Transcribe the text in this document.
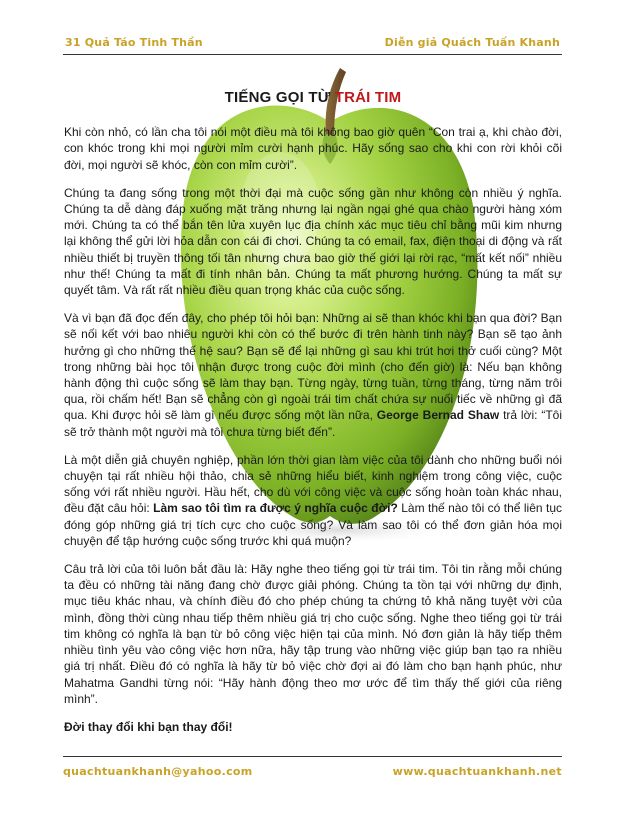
31 Quả Táo Tinh Thần	Diễn giả Quách Tuấn Khanh
TIẾNG GỌI TỪ TRÁI TIM

Khi còn nhỏ, có lần cha tôi nói một điều mà tôi không bao giờ quên “Con trai ạ, khi chào đời, con khóc trong khi mọi người mỉm cười hạnh phúc. Hãy sống sao cho khi con rời khỏi cõi đời, mọi người sẽ khóc, còn con mỉm cười”.

Chúng ta đang sống trong một thời đại mà cuộc sống gần như không còn nhiều ý nghĩa. Chúng ta dễ dàng đáp xuống mặt trăng nhưng lại ngần ngại ghé qua chào người hàng xóm mới. Chúng ta có thể bắn tên lửa xuyên lục địa chính xác mục tiêu chỉ bằng mũi kim nhưng lại không thể gửi lời hỏa dẫn con cái đi chơi. Chúng ta có email, fax, điện thoại di động và rất nhiều thiết bị truyền thông tối tân nhưng chưa bao giờ thế giới lại rời rạc, “mất kết nối” nhiều như thế! Chúng ta mất đi tính nhân bản. Chúng ta mất phương hướng. Chúng ta mất sự quyết tâm. Và rất rất nhiều điều quan trọng khác của cuộc sống.

Và vì bạn đã đọc đến đây, cho phép tôi hỏi bạn: Những ai sẽ than khóc khi bạn qua đời? Bạn sẽ nối kết với bao nhiêu người khi còn có thể bước đi trên hành tinh này? Bạn sẽ tạo ảnh hưởng gì cho những thế hệ sau? Bạn sẽ để lại những gì sau khi trút hơi thở cuối cùng? Một trong những bài học tôi nhận được trong cuộc đời mình (cho đến giờ) là: Nếu bạn không hành động thì cuộc sống sẽ làm thay bạn. Từng ngày, từng tuần, từng tháng, từng năm trôi qua, rồi chấm hết! Bạn sẽ chẳng còn gì ngoài trái tim chất chứa sự nuối tiếc về những gì đã qua. Khi được hỏi sẽ làm gì nếu được sống một lần nữa, George Bernad Shaw trả lời: “Tôi sẽ trở thành một người mà tôi chưa từng biết đến”.

Là một diễn giả chuyên nghiệp, phần lớn thời gian làm việc của tôi dành cho những buổi nói chuyện tại rất nhiều hội thảo, chia sẻ những hiểu biết, kinh nghiệm trong công việc, cuộc sống với rất nhiều người. Hầu hết, cho dù với công việc và cuộc sống hoàn toàn khác nhau, đều đặt câu hỏi: Làm sao tôi tìm ra được ý nghĩa cuộc đời? Làm thế nào tôi có thể liên tục đóng góp những giá trị tích cực cho cuộc sống? Và làm sao tôi có thể đơn giản hóa mọi chuyện để tập hướng cuộc sống trước khi quá muộn?

Câu trả lời của tôi luôn bắt đầu là: Hãy nghe theo tiếng gọi từ trái tim. Tôi tin rằng mỗi chúng ta đều có những tài năng đang chờ được giải phóng. Chúng ta tồn tại với những dự định, mục tiêu khác nhau, và chính điều đó cho phép chúng ta chứng tỏ khả năng tuyệt vời của mình, đồng thời cùng nhau tiếp thêm nhiều giá trị cho cuộc sống. Nghe theo tiếng gọi từ trái tim không có nghĩa là bạn từ bỏ công việc hiện tại của mình. Nó đơn giản là hãy tiếp thêm nhiều tình yêu vào công việc hơn nữa, hãy tập trung vào những việc giúp bạn tạo ra nhiều giá trị nhất. Điều đó có nghĩa là hãy từ bỏ việc chờ đợi ai đó làm cho bạn hạnh phúc, như Mahatma Gandhi từng nói: “Hãy hành động theo mơ ước để tìm thấy thế giới của riêng mình”.

Đời thay đổi khi bạn thay đổi!

quachtuankhanh@yahoo.com	www.quachtuankhanh.net
